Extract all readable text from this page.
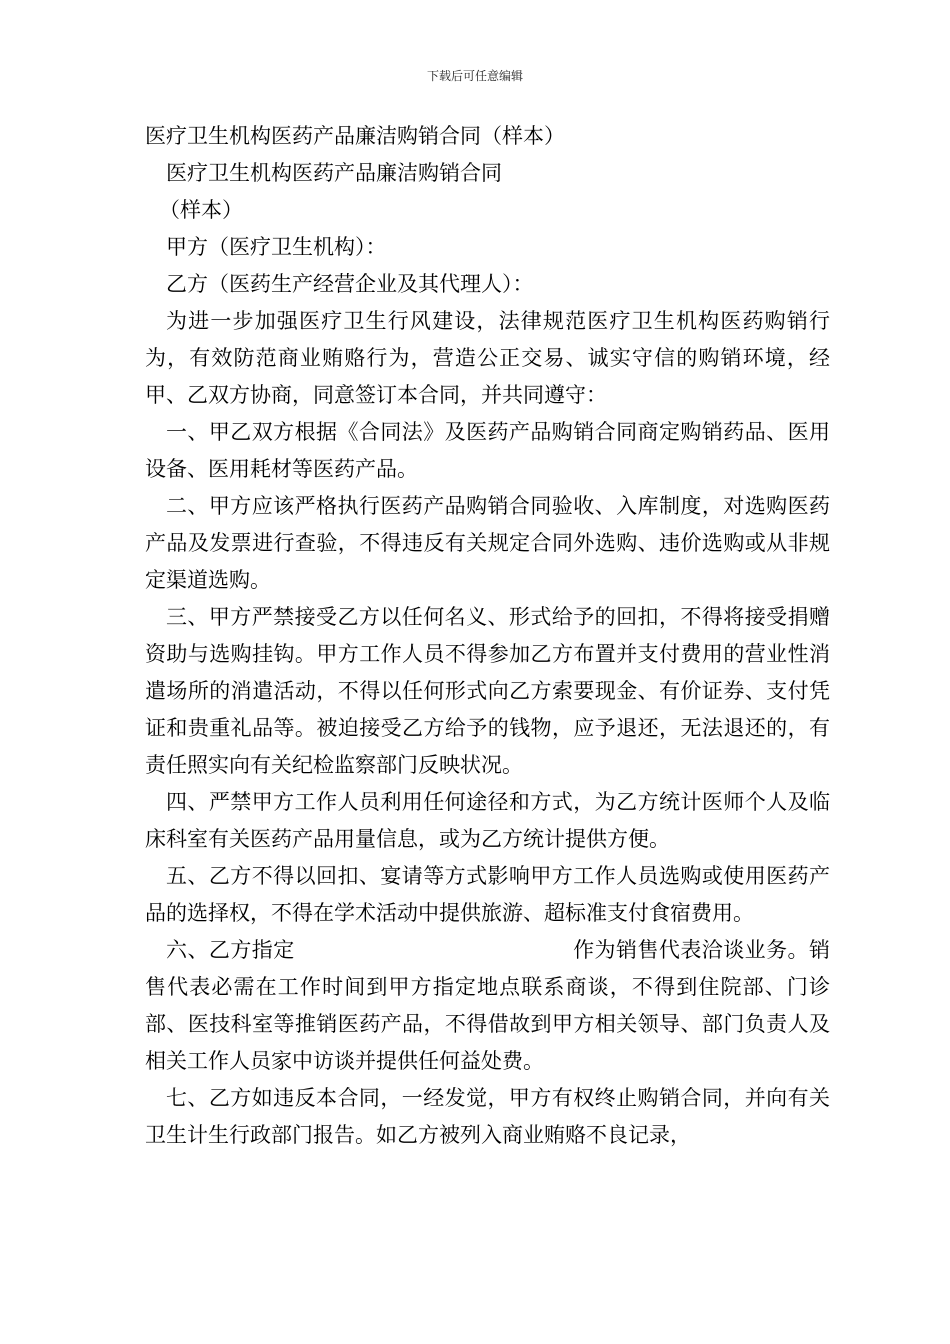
下载后可任意编辑

医疗卫生机构医药产品廉洁购销合同（样本）

医疗卫生机构医药产品廉洁购销合同

（样本）

甲方（医疗卫生机构）：

乙方（医药生产经营企业及其代理人）：

为进一步加强医疗卫生行风建设，法律规范医疗卫生机构医药购销行为，有效防范商业贿赂行为，营造公正交易、诚实守信的购销环境，经甲、乙双方协商，同意签订本合同，并共同遵守：

一、甲乙双方根据《合同法》及医药产品购销合同商定购销药品、医用设备、医用耗材等医药产品。

二、甲方应该严格执行医药产品购销合同验收、入库制度，对选购医药产品及发票进行查验，不得违反有关规定合同外选购、违价选购或从非规定渠道选购。

三、甲方严禁接受乙方以任何名义、形式给予的回扣，不得将接受捐赠资助与选购挂钩。甲方工作人员不得参加乙方布置并支付费用的营业性消遣场所的消遣活动，不得以任何形式向乙方索要现金、有价证券、支付凭证和贵重礼品等。被迫接受乙方给予的钱物，应予退还，无法退还的，有责任照实向有关纪检监察部门反映状况。

四、严禁甲方工作人员利用任何途径和方式，为乙方统计医师个人及临床科室有关医药产品用量信息，或为乙方统计提供方便。

五、乙方不得以回扣、宴请等方式影响甲方工作人员选购或使用医药产品的选择权，不得在学术活动中提供旅游、超标准支付食宿费用。

六、乙方指定	作为销售代表洽谈业务。销售代表必需在工作时间到甲方指定地点联系商谈，不得到住院部、门诊部、医技科室等推销医药产品，不得借故到甲方相关领导、部门负责人及相关工作人员家中访谈并提供任何益处费。

七、乙方如违反本合同，一经发觉，甲方有权终止购销合同，并向有关卫生计生行政部门报告。如乙方被列入商业贿赂不良记录，
